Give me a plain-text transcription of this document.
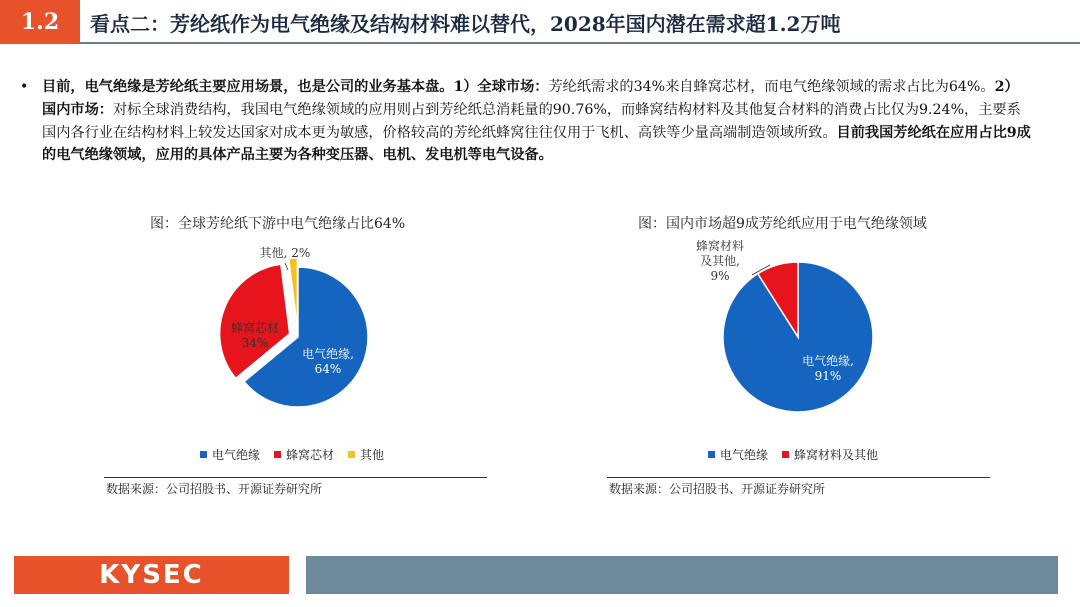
1.2	看点二：芳纶纸作为电气绝缘及结构材料难以替代，2028年国内潜在需求超1.2万吨
• 目前，电气绝缘是芳纶纸主要应用场景，也是公司的业务基本盘。1）全球市场：芳纶纸需求的34%来自蜂窝芯材，而电气绝缘领域的需求占比为64%。2）国内市场：对标全球消费结构，我国电气绝缘领域的应用则占到芳纶纸总消耗量的90.76%，而蜂窝结构材料及其他复合材料的消费占比仅为9.24%，主要系国内各行业在结构材料上较发达国家对成本更为敏感，价格较高的芳纶纸蜂窝往往仅用于飞机、高铁等少量高端制造领域所致。目前我国芳纶纸在应用占比9成的电气绝缘领域，应用的具体产品主要为各种变压器、电机、发电机等电气设备。
图：全球芳纶纸下游中电气绝缘占比64%
电气绝缘, 64%
蜂窝芯材 34%
其他, 2%
电气绝缘 蜂窝芯材 其他
数据来源：公司招股书、开源证券研究所
图：国内市场超9成芳纶纸应用于电气绝缘领域
电气绝缘, 91%
蜂窝材料及其他, 9%
电气绝缘 蜂窝材料及其他
数据来源：公司招股书、开源证券研究所
KYSEC
